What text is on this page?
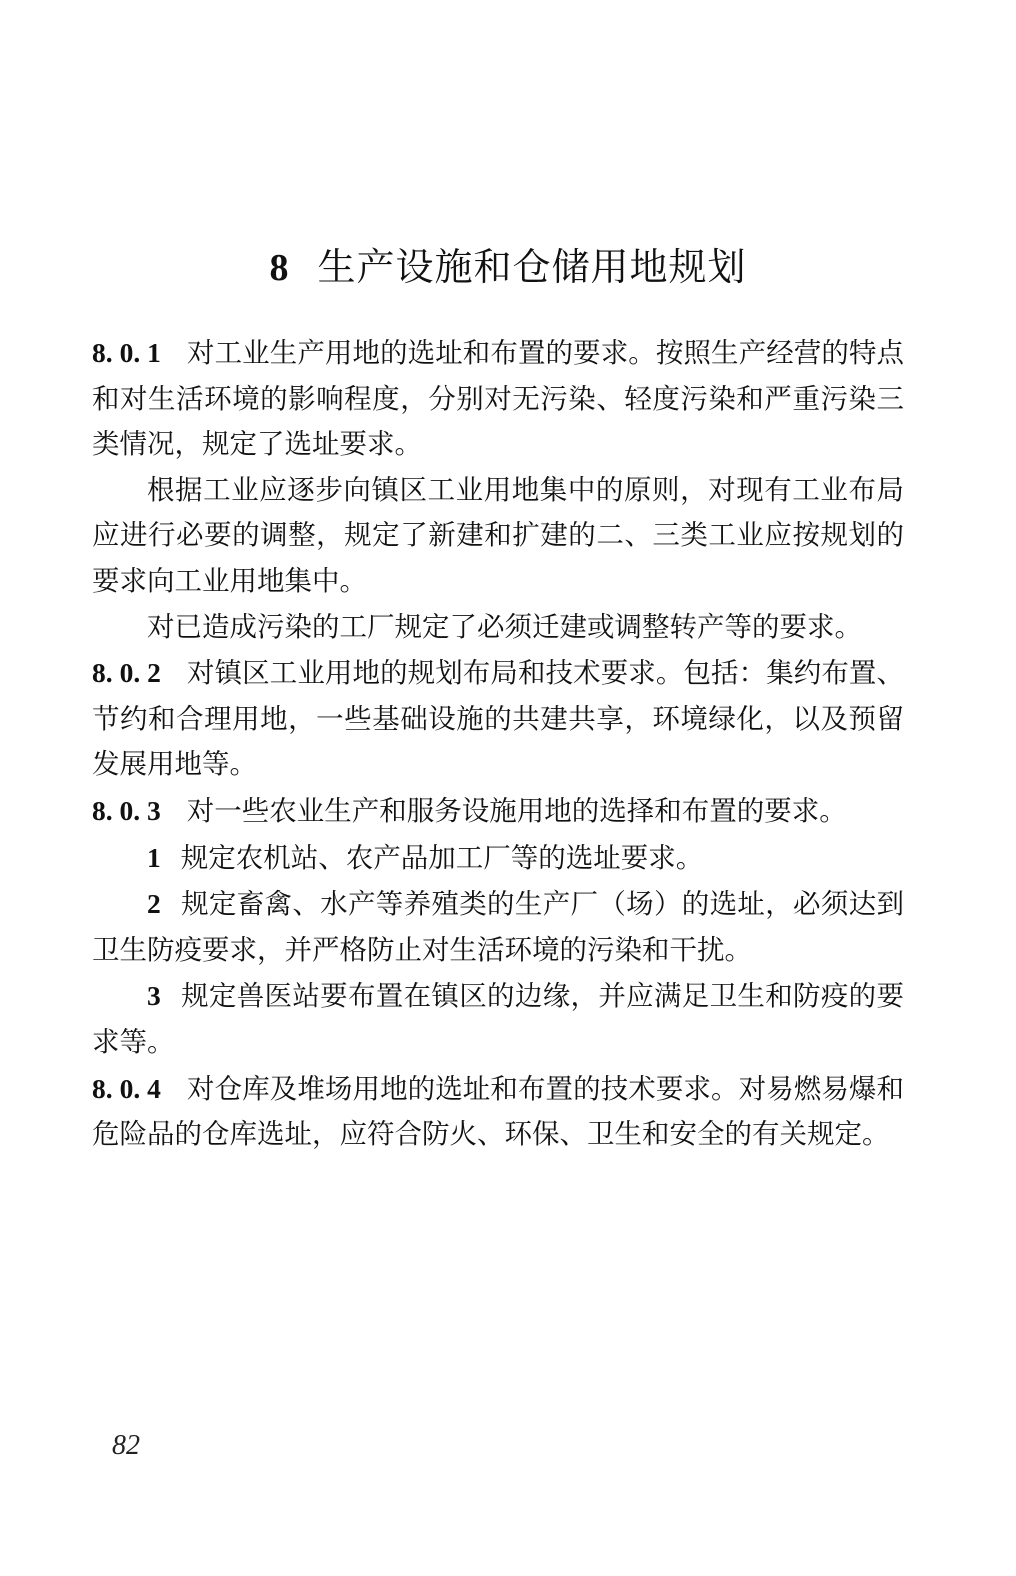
8 生产设施和仓储用地规划

8. 0. 1 对工业生产用地的选址和布置的要求。按照生产经营的特点和对生活环境的影响程度，分别对无污染、轻度污染和严重污染三类情况，规定了选址要求。

根据工业应逐步向镇区工业用地集中的原则，对现有工业布局应进行必要的调整，规定了新建和扩建的二、三类工业应按规划的要求向工业用地集中。

对已造成污染的工厂规定了必须迁建或调整转产等的要求。

8. 0. 2 对镇区工业用地的规划布局和技术要求。包括：集约布置、节约和合理用地，一些基础设施的共建共享，环境绿化，以及预留发展用地等。

8. 0. 3 对一些农业生产和服务设施用地的选择和布置的要求。

1 规定农机站、农产品加工厂等的选址要求。

2 规定畜禽、水产等养殖类的生产厂（场）的选址，必须达到卫生防疫要求，并严格防止对生活环境的污染和干扰。

3 规定兽医站要布置在镇区的边缘，并应满足卫生和防疫的要求等。

8. 0. 4 对仓库及堆场用地的选址和布置的技术要求。对易燃易爆和危险品的仓库选址，应符合防火、环保、卫生和安全的有关规定。

82
